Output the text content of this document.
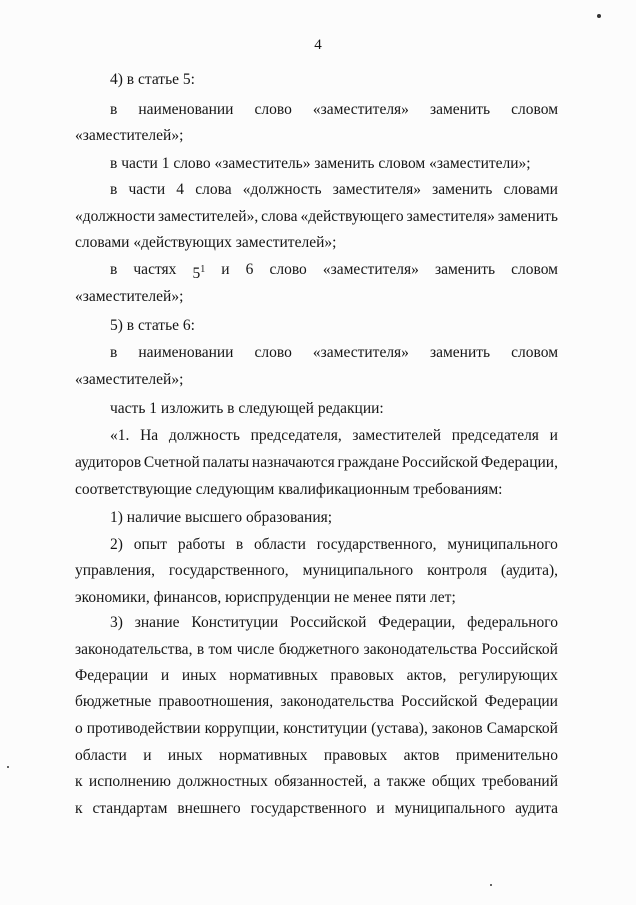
4
4) в статье 5:
в наименовании слово «заместителя» заменить словом
«заместителей»;
в части 1 слово «заместитель» заменить словом «заместители»;
в части 4 слова «должность заместителя» заменить словами
«должности заместителей», слова «действующего заместителя» заменить
словами «действующих заместителей»;
в частях $5^1$ и 6 слово «заместителя» заменить словом
«заместителей»;
5) в статье 6:
в наименовании слово «заместителя» заменить словом
«заместителей»;
часть 1 изложить в следующей редакции:
«1. На должность председателя, заместителей председателя и
аудиторов Счетной палаты назначаются граждане Российской Федерации,
соответствующие следующим квалификационным требованиям:
1) наличие высшего образования;
2) опыт работы в области государственного, муниципального
управления, государственного, муниципального контроля (аудита),
экономики, финансов, юриспруденции не менее пяти лет;
3) знание Конституции Российской Федерации, федерального
законодательства, в том числе бюджетного законодательства Российской
Федерации и иных нормативных правовых актов, регулирующих
бюджетные правоотношения, законодательства Российской Федерации
о противодействии коррупции, конституции (устава), законов Самарской
области и иных нормативных правовых актов применительно
к исполнению должностных обязанностей, а также общих требований
к стандартам внешнего государственного и муниципального аудита
